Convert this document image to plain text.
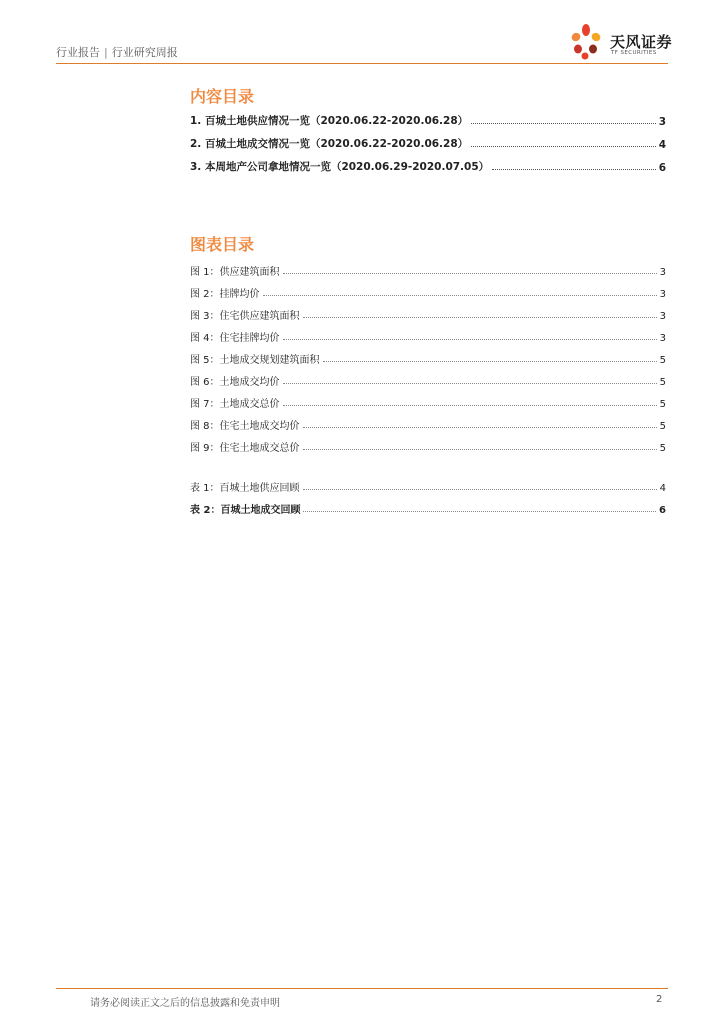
行业报告 | 行业研究周报
天风证券
TF SECURITIES
内容目录
1. 百城土地供应情况一览（2020.06.22-2020.06.28）	3
2. 百城土地成交情况一览（2020.06.22-2020.06.28）	4
3. 本周地产公司拿地情况一览（2020.06.29-2020.07.05）	6
图表目录
图 1：供应建筑面积	3
图 2：挂牌均价	3
图 3：住宅供应建筑面积	3
图 4：住宅挂牌均价	3
图 5：土地成交规划建筑面积	5
图 6：土地成交均价	5
图 7：土地成交总价	5
图 8：住宅土地成交均价	5
图 9：住宅土地成交总价	5
表 1：百城土地供应回顾	4
表 2：百城土地成交回顾	6
请务必阅读正文之后的信息披露和免责申明	2
